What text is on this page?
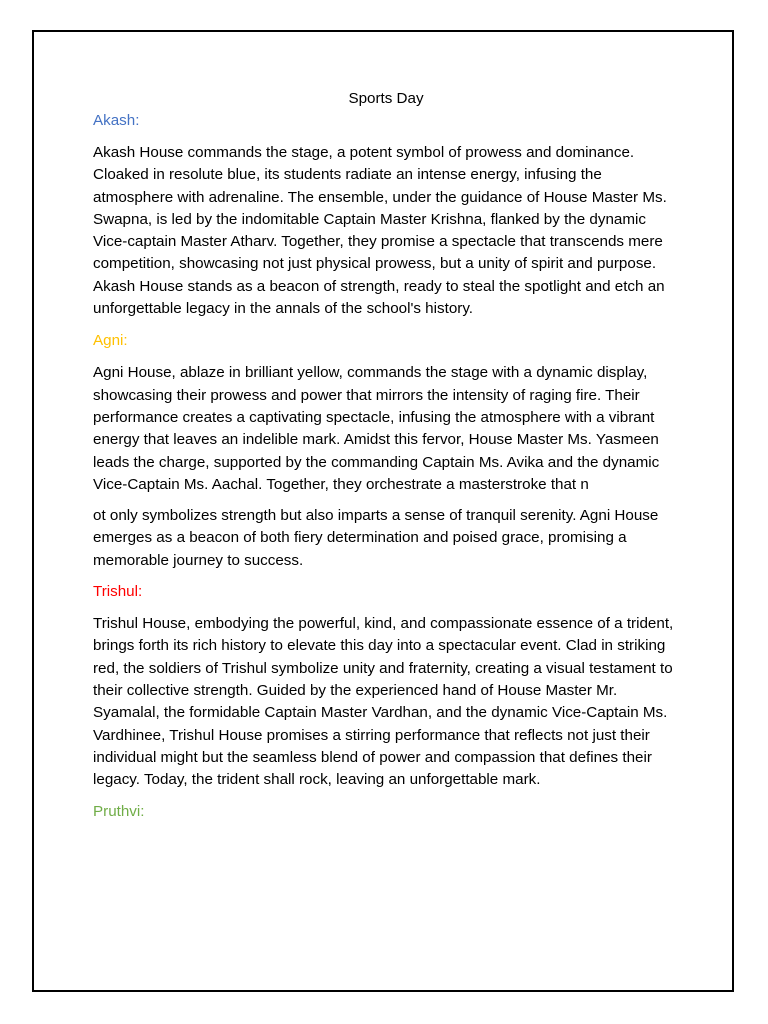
Sports Day
Akash:

Akash House commands the stage, a potent symbol of prowess and dominance. Cloaked in resolute blue, its students radiate an intense energy, infusing the atmosphere with adrenaline. The ensemble, under the guidance of House Master Ms. Swapna, is led by the indomitable Captain Master Krishna, flanked by the dynamic Vice-captain Master Atharv. Together, they promise a spectacle that transcends mere competition, showcasing not just physical prowess, but a unity of spirit and purpose. Akash House stands as a beacon of strength, ready to steal the spotlight and etch an unforgettable legacy in the annals of the school's history.

Agni:

Agni House, ablaze in brilliant yellow, commands the stage with a dynamic display, showcasing their prowess and power that mirrors the intensity of raging fire. Their performance creates a captivating spectacle, infusing the atmosphere with a vibrant energy that leaves an indelible mark. Amidst this fervor, House Master Ms. Yasmeen leads the charge, supported by the commanding Captain Ms. Avika and the dynamic Vice-Captain Ms. Aachal. Together, they orchestrate a masterstroke that n

ot only symbolizes strength but also imparts a sense of tranquil serenity. Agni House emerges as a beacon of both fiery determination and poised grace, promising a memorable journey to success.

Trishul:

Trishul House, embodying the powerful, kind, and compassionate essence of a trident, brings forth its rich history to elevate this day into a spectacular event. Clad in striking red, the soldiers of Trishul symbolize unity and fraternity, creating a visual testament to their collective strength. Guided by the experienced hand of House Master Mr. Syamalal, the formidable Captain Master Vardhan, and the dynamic Vice-Captain Ms. Vardhinee, Trishul House promises a stirring performance that reflects not just their individual might but the seamless blend of power and compassion that defines their legacy. Today, the trident shall rock, leaving an unforgettable mark.

Pruthvi:
